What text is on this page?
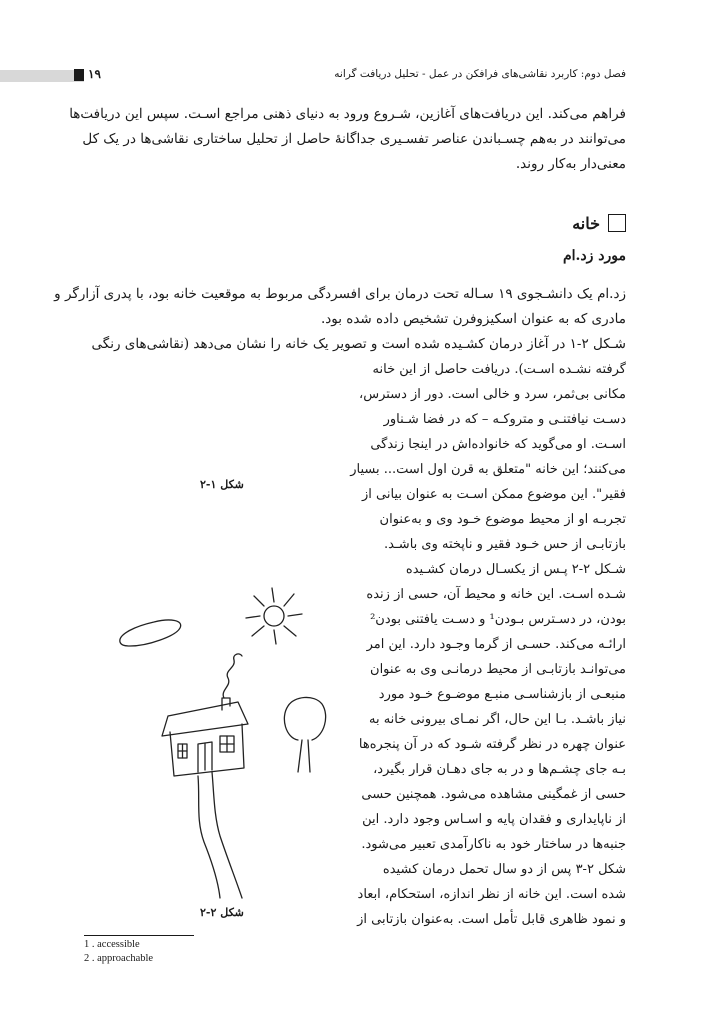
۱۹	فصل دوم: کاربرد نقاشی‌های فرافکن در عمل - تحلیل دریافت گرانه
فراهم می‌کند. این دریافت‌های آغازین، شـروع ورود به دنیای ذهنی مراجع اسـت. سپس این دریافت‌ها
می‌توانند در به‌هم چسـباندن عناصر تفسـیری جداگانهٔ حاصل از تحلیل ساختاری نقاشی‌ها در یک کل
معنی‌دار به‌کار روند.
خانه
مورد زد.ام
زد.ام یک دانشـجوی ۱۹ سـاله تحت درمان برای افسردگی مربوط به موقعیت خانه بود، با پدری آزارگر و
مادری که به عنوان اسکیزوفرن تشخیص داده شده بود.
شـکل ۲-۱ در آغاز درمان کشـیده شده است و تصویر یک خانه را نشان می‌دهد (نقاشی‌های رنگی
گرفته نشـده اسـت). دریافت حاصل از این خانه
مکانی بی‌ثمر، سرد و خالی است. دور از دسترس،
دسـت نیافتنـی و متروکـه – که در فضا شـناور
اسـت. او می‌گوید که خانواده‌اش در اینجا زندگی
می‌کنند؛ این خانه "متعلق به قرن اول است... بسیار
فقیر". این موضوع ممکن اسـت به عنوان بیانی از
تجربـه او از محیط موضوع خـود وی و به‌عنوان
بازتابـی از حس خـود فقیر و ناپخته وی باشـد.
شـکل ۲-۲ پـس از یکسـال درمان کشـیده
شـده اسـت. این خانه و محیط آن، حسی از زنده
بودن، در دسـترس بـودن¹ و دسـت یافتنی بودن²
ارائـه می‌کند. حسـی از گرما وجـود دارد. این امر
می‌توانـد بازتابـی از محیط درمانـی وی به عنوان
منبعـی از بازشناسـی منبـع موضـوع خـود مورد
نیاز باشـد. بـا این حال، اگر نمـای بیرونی خانه به
عنوان چهره در نظر گرفته شـود که در آن پنجره‌ها
بـه جای چشـم‌ها و در به جای دهـان قرار بگیرد،
حسی از غمگینی مشاهده می‌شود. همچنین حسی
از ناپایداری و فقدان پایه و اسـاس وجود دارد. این
جنبه‌ها در ساختار خود به ناکارآمدی تعبیر می‌شود.
شکل ۲-۳ پس از دو سال تحمل درمان کشیده
شده است. این خانه از نظر اندازه، استحکام، ابعاد
و نمود ظاهری قابل تأمل است. به‌عنوان بازتابی از
شکل ۱-۲
شکل ۲-۲
1 . accessible
2 . approachable
